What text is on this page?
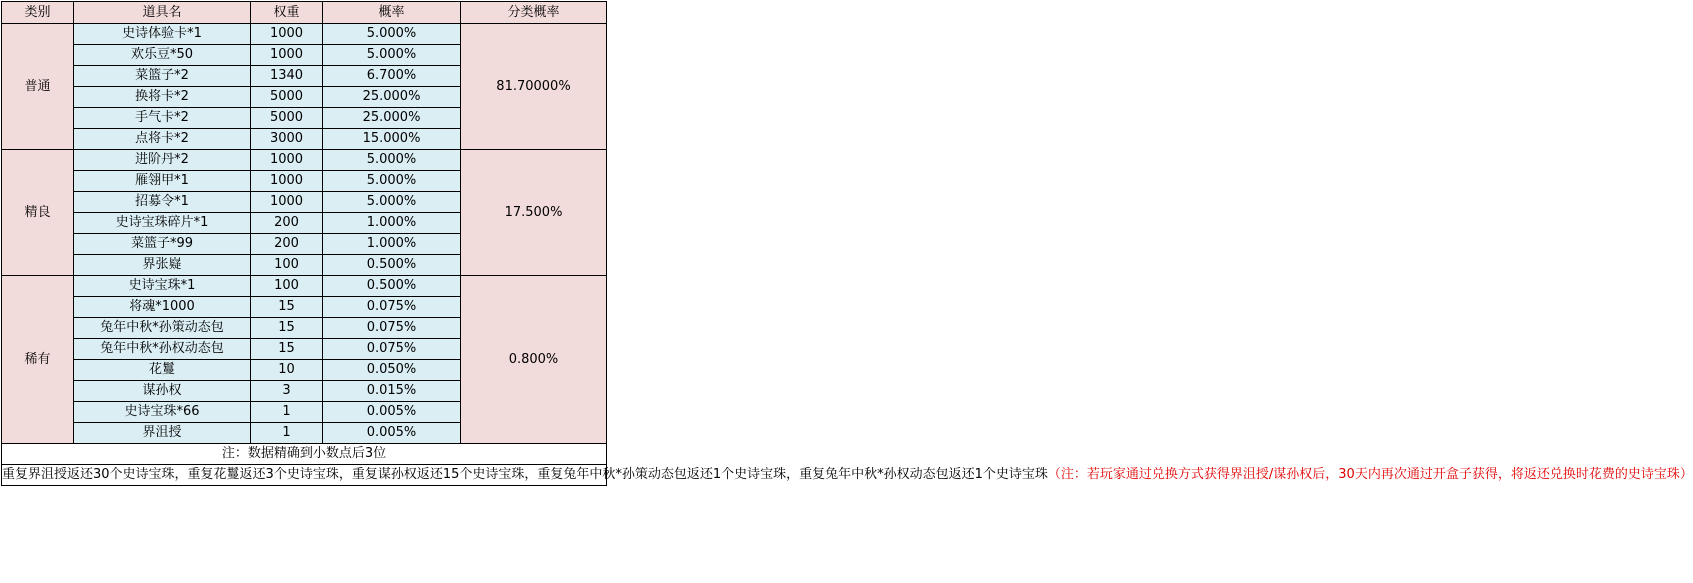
类别	道具名	权重	概率	分类概率
普通	史诗体验卡*1	1000	5.000%	81.70000%
	欢乐豆*50	1000	5.000%	
	菜篮子*2	1340	6.700%	
	换将卡*2	5000	25.000%	
	手气卡*2	5000	25.000%	
	点将卡*2	3000	15.000%	
精良	进阶丹*2	1000	5.000%	17.500%
	雁翎甲*1	1000	5.000%	
	招募令*1	1000	5.000%	
	史诗宝珠碎片*1	200	1.000%	
	菜篮子*99	200	1.000%	
	界张嶷	100	0.500%	
稀有	史诗宝珠*1	100	0.500%	0.800%
	将魂*1000	15	0.075%	
	兔年中秋*孙策动态包	15	0.075%	
	兔年中秋*孙权动态包	15	0.075%	
	花鬘	10	0.050%	
	谋孙权	3	0.015%	
	史诗宝珠*66	1	0.005%	
	界沮授	1	0.005%	
注：数据精确到小数点后3位				
重复界沮授返还30个史诗宝珠，重复花鬘返还3个史诗宝珠，重复谋孙权返还15个史诗宝珠，重复兔年中秋*孙策动态包返还1个史诗宝珠，重复兔年中秋*孙权动态包返还1个史诗宝珠（注：若玩家通过兑换方式获得界沮授/谋孙权后，30天内再次通过开盒子获得，将返还兑换时花费的史诗宝珠）				
